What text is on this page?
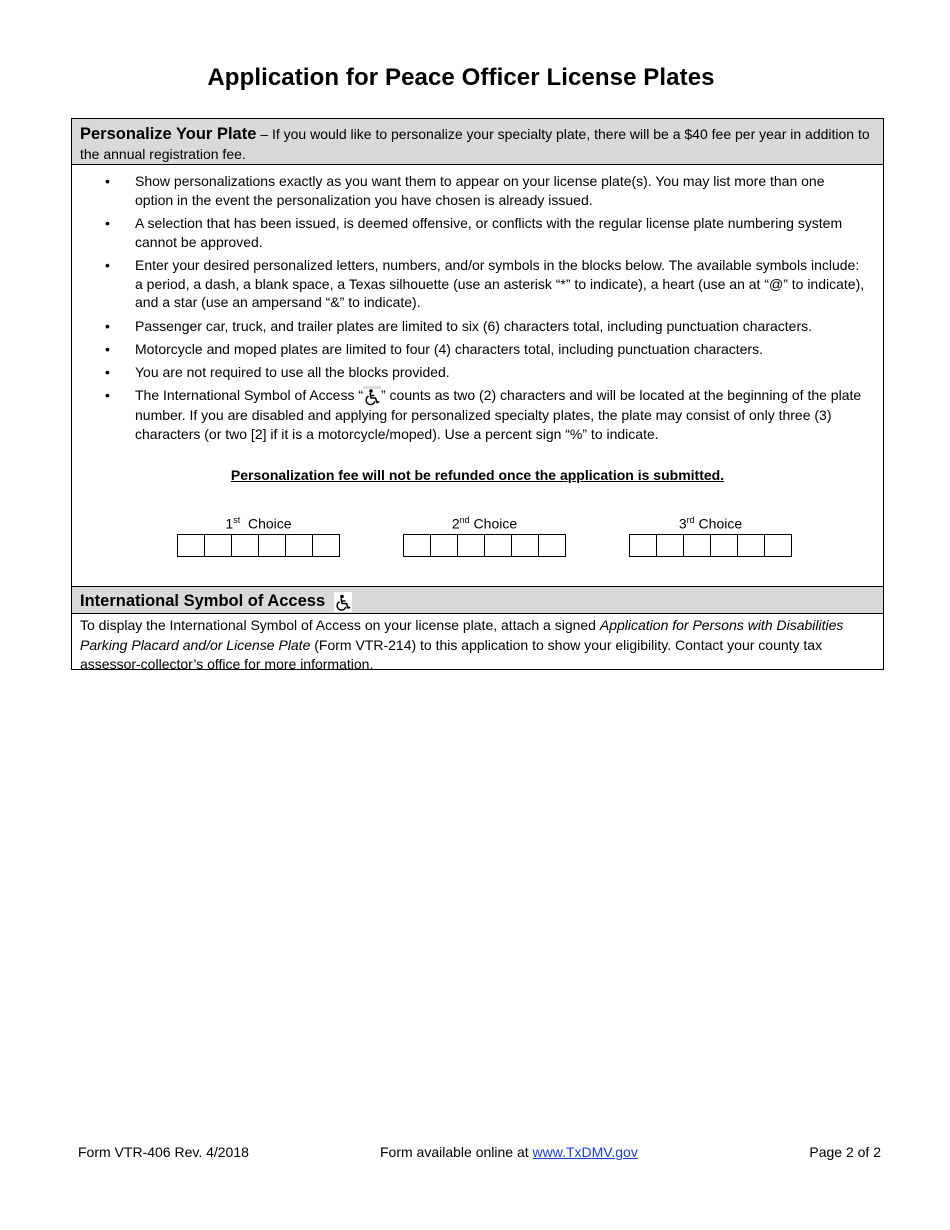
Application for Peace Officer License Plates
Personalize Your Plate – If you would like to personalize your specialty plate, there will be a $40 fee per year in addition to the annual registration fee.
• Show personalizations exactly as you want them to appear on your license plate(s). You may list more than one option in the event the personalization you have chosen is already issued.
• A selection that has been issued, is deemed offensive, or conflicts with the regular license plate numbering system cannot be approved.
• Enter your desired personalized letters, numbers, and/or symbols in the blocks below. The available symbols include: a period, a dash, a blank space, a Texas silhouette (use an asterisk “*” to indicate), a heart (use an at “@” to indicate), and a star (use an ampersand “&” to indicate).
• Passenger car, truck, and trailer plates are limited to six (6) characters total, including punctuation characters.
• Motorcycle and moped plates are limited to four (4) characters total, including punctuation characters.
• You are not required to use all the blocks provided.
• The International Symbol of Access “ ” counts as two (2) characters and will be located at the beginning of the plate number. If you are disabled and applying for personalized specialty plates, the plate may consist of only three (3) characters (or two [2] if it is a motorcycle/moped). Use a percent sign “%” to indicate.
Personalization fee will not be refunded once the application is submitted.
1st  Choice	2nd Choice	3rd Choice
International Symbol of Access
To display the International Symbol of Access on your license plate, attach a signed Application for Persons with Disabilities Parking Placard and/or License Plate (Form VTR-214) to this application to show your eligibility. Contact your county tax assessor-collector’s office for more information.
Form VTR-406 Rev. 4/2018	Form available online at www.TxDMV.gov	Page 2 of 2
